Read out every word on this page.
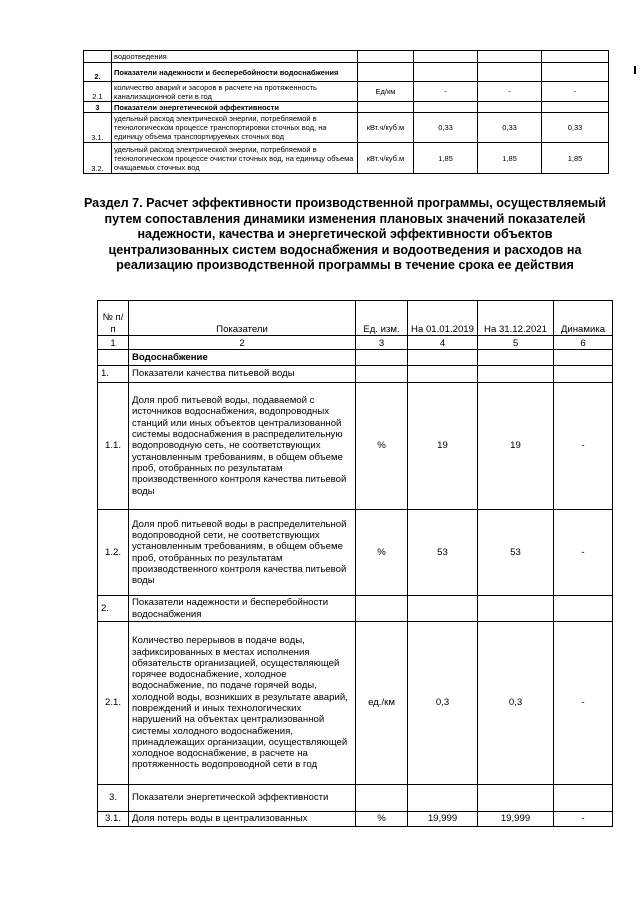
	водоотведения				
2.	Показатели надежности и бесперебойности водоснабжения				
2.1	количество аварий и засоров в расчете на протяженность канализационной сети в год	Ед/км	-	-	-
3	Показатели энергетической эффективности				
3.1.	удельный расход электрической энергии, потребляемой в технологическом процессе транспортировки сточных вод, на единицу объема транспортируемых сточных вод	кВт.ч/куб.м	0,33	0,33	0,33
3.2.	удельный расход электрической энергии, потребляемой в технологическом процессе очистки сточных вод, на единицу объема очищаемых сточных вод	кВт.ч/куб.м	1,85	1,85	1,85
Раздел 7. Расчет эффективности производственной программы, осуществляемый путем сопоставления динамики изменения плановых значений показателей надежности, качества и энергетической эффективности объектов централизованных систем водоснабжения и водоотведения и расходов на реализацию производственной программы в течение срока ее действия
№ п/п	Показатели	Ед. изм.	На 01.01.2019	На 31.12.2021	Динамика
1	2	3	4	5	6
	Водоснабжение				
1.	Показатели качества питьевой воды				
1.1.	Доля проб питьевой воды, подаваемой с источников водоснабжения, водопроводных станций или иных объектов централизованной системы водоснабжения в распределительную водопроводную сеть, не соответствующих установленным требованиям, в общем объеме проб, отобранных по результатам производственного контроля качества питьевой воды	%	19	19	-
1.2.	Доля проб питьевой воды в распределительной водопроводной сети, не соответствующих установленным требованиям, в общем объеме проб, отобранных по результатам производственного контроля качества питьевой воды	%	53	53	-
2.	Показатели надежности и бесперебойности водоснабжения				
2.1.	Количество перерывов в подаче воды, зафиксированных в местах исполнения обязательств организацией, осуществляющей горячее водоснабжение, холодное водоснабжение, по подаче горячей воды, холодной воды, возникших в результате аварий, повреждений и иных технологических нарушений на объектах централизованной системы холодного водоснабжения, принадлежащих организации, осуществляющей холодное водоснабжение, в расчете на протяженность водопроводной сети в год	ед./км	0,3	0,3	-
3.	Показатели энергетической эффективности				
3.1.	Доля потерь воды в централизованных	%	19,999	19,999	-
